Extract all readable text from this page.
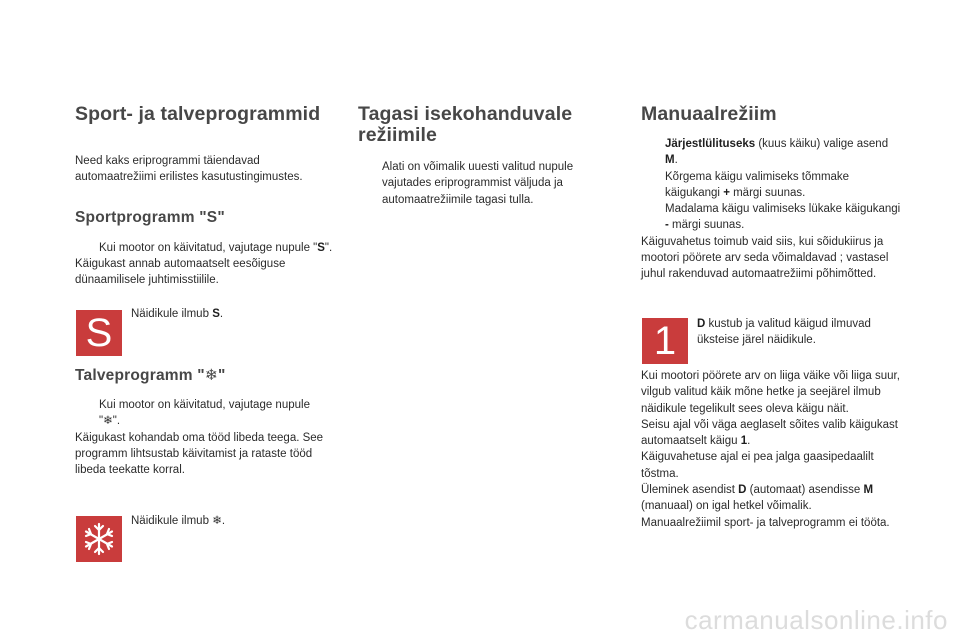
Sport- ja talveprogrammid

Need kaks eriprogrammi täiendavad automaatrežiimi erilistes kasutustingimustes.

Sportprogramm "S"
Kui mootor on käivitatud, vajutage nupule "S".

Käigukast annab automaatselt eesõiguse dünaamilisele juhtimisstiilile.

S Näidikule ilmub S.

Talveprogramm "❄"
Kui mootor on käivitatud, vajutage nupule "❄".

Käigukast kohandab oma tööd libeda teega. See programm lihtsustab käivitamist ja rataste tööd libeda teekatte korral.

Näidikule ilmub ❄.

Tagasi isekohanduvale
režiimile
Alati on võimalik uuesti valitud nupule vajutades eriprogrammist väljuda ja automaatrežiimile tagasi tulla.
Manuaalrežiim
Järjestlülituseks (kuus käiku) valige asend M.
Kõrgema käigu valimiseks tõmmake käigukangi + märgi suunas.
Madalama käigu valimiseks lükake käigukangi - märgi suunas.

Käiguvahetus toimub vaid siis, kui sõidukiirus ja mootori pöörete arv seda võimaldavad ; vastasel juhul rakenduvad automaatrežiimi põhimõtted.

1 D kustub ja valitud käigud ilmuvad üksteise järel näidikule.

Kui mootori pöörete arv on liiga väike või liiga suur, vilgub valitud käik mõne hetke ja seejärel ilmub näidikule tegelikult sees oleva käigu näit.

Seisu ajal või väga aeglaselt sõites valib käigukast automaatselt käigu 1.

Käiguvahetuse ajal ei pea jalga gaasipedaalilt tõstma.

Üleminek asendist D (automaat) asendisse M (manuaal) on igal hetkel võimalik.

Manuaalrežiimil sport- ja talveprogramm ei tööta.

carmanualsonline.info
